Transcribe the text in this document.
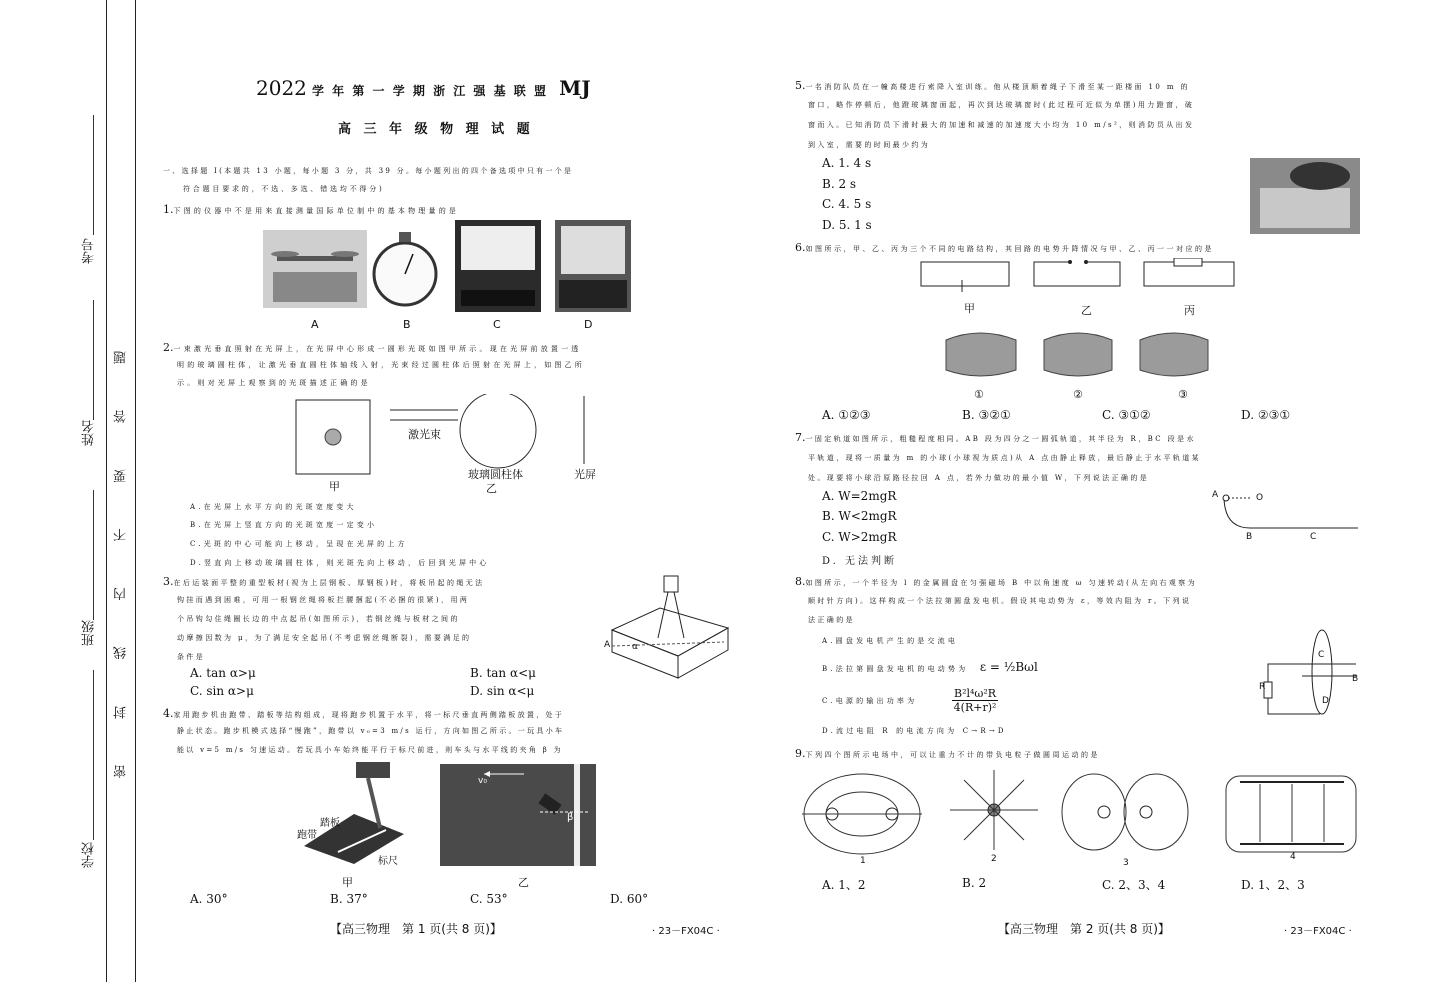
考号
姓名
班级
学校
密 封 线 内 不 要 答 题
2022 学 年 第 一 学 期 浙 江 强 基 联 盟 MJ
高 三 年 级 物 理 试 题
一、选择题 Ⅰ(本题共 13 小题，每小题 3 分，共 39 分。每小题列出的四个备选项中只有一个是
符合题目要求的，不选、多选、错选均不得分)
1.下图的仪器中不是用来直接测量国际单位制中的基本物理量的是
A	B	C	D
2.一束激光垂直照射在光屏上，在光屏中心形成一圆形光斑如图甲所示。现在光屏前放置一透
明的玻璃圆柱体，让激光垂直圆柱体轴线入射，光束经过圆柱体后照射在光屏上，如图乙所
示。则对光屏上观察到的光斑描述正确的是
激光束
玻璃圆柱体	光屏
甲	乙
A.在光屏上水平方向的光斑宽度变大
B.在光屏上竖直方向的光斑宽度一定变小
C.光斑的中心可能向上移动，呈现在光屏的上方
D.竖直向上移动玻璃圆柱体，则光斑先向上移动，后回到光屏中心
3.在后运装面平整的重型板材(视为上层钢板、厚钢板)时，将板吊起的绳无法
钩挂而遇到困难，可用一根钢丝绳将板拦腰捆起(不必捆的很紧)，用两
个吊钩勾住绳圈长边的中点起吊(如图所示)，若钢丝绳与板材之间的
动摩擦因数为 μ，为了满足安全起吊(不考虑钢丝绳断裂)，需要满足的
条件是
A α
A. tan α>μ	B. tan α<μ
C. sin α>μ	D. sin α<μ
4.家用跑步机由跑带、踏板等结构组成，现将跑步机置于水平，将一标尺垂直两侧踏板放置，处于
静止状态。跑步机模式选择“慢跑”，跑带以 v₀=3 m/s 运行，方向如图乙所示。一玩具小车
能以 v=5 m/s 匀速运动。若玩具小车始终能平行于标尺前进，则车头与水平线的夹角 β 为
踏板
跑带
标尺
v₀
β
甲	乙
A. 30°	B. 37°	C. 53°	D. 60°
【高三物理　第 1 页(共 8 页)】	· 23－FX04C ·
5.一名消防队员在一幢高楼进行索降入室训练。他从楼顶顺着绳子下滑至某一距楼面 10 m 的
窗口，略作停顿后，他蹬玻璃窗面起，再次到达玻璃窗时(此过程可近似为单摆)用力蹬窗，破
窗而入。已知消防员下滑时最大的加速和减速的加速度大小均为 10 m/s²，则消防员从出发
到入室，需要的时间最少约为
A. 1. 4 s
B. 2 s
C. 4. 5 s
D. 5. 1 s
6.如图所示，甲、乙、丙为三个不同的电路结构，其回路的电势升降情况与甲、乙、丙一一对应的是
甲	乙	丙
①	②	③
A. ①②③	B. ③②①	C. ③①②	D. ②③①
7.一固定轨道如图所示，粗糙程度相同。AB 段为四分之一圆弧轨道，其半径为 R，BC 段是水
平轨道，现将一质量为 m 的小球(小球视为质点)从 A 点由静止释放，最后静止于水平轨道某
处。现要将小球沿原路径拉回 A 点，若外力做功的最小值 W，下列说法正确的是
A. W=2mgR
B. W<2mgR
C. W>2mgR
D. 无法判断
A	O
B	C
8.如图所示，一个半径为 l 的金属圆盘在匀强磁场 B 中以角速度 ω 匀速转动(从左向右观察为
顺时针方向)。这样构成一个法拉第圆盘发电机。假设其电动势为 ε，等效内阻为 r。下列说
法正确的是
A.圆盘发电机产生的是交流电
B.法拉第圆盘发电机的电动势为 ε = ½Bωl
C.电源的输出功率为	$\frac{\text{B²l⁴ω²R}}{\text{4(R+r)²}}$
D.流过电阻 R 的电流方向为 C→R→D
C
R
B
D
9.下列四个图所示电场中，可以让重力不计的带负电粒子做圆周运动的是
1	2	3
4
A. 1、2	B. 2	C. 2、3、4	D. 1、2、3
【高三物理　第 2 页(共 8 页)】	· 23－FX04C ·
